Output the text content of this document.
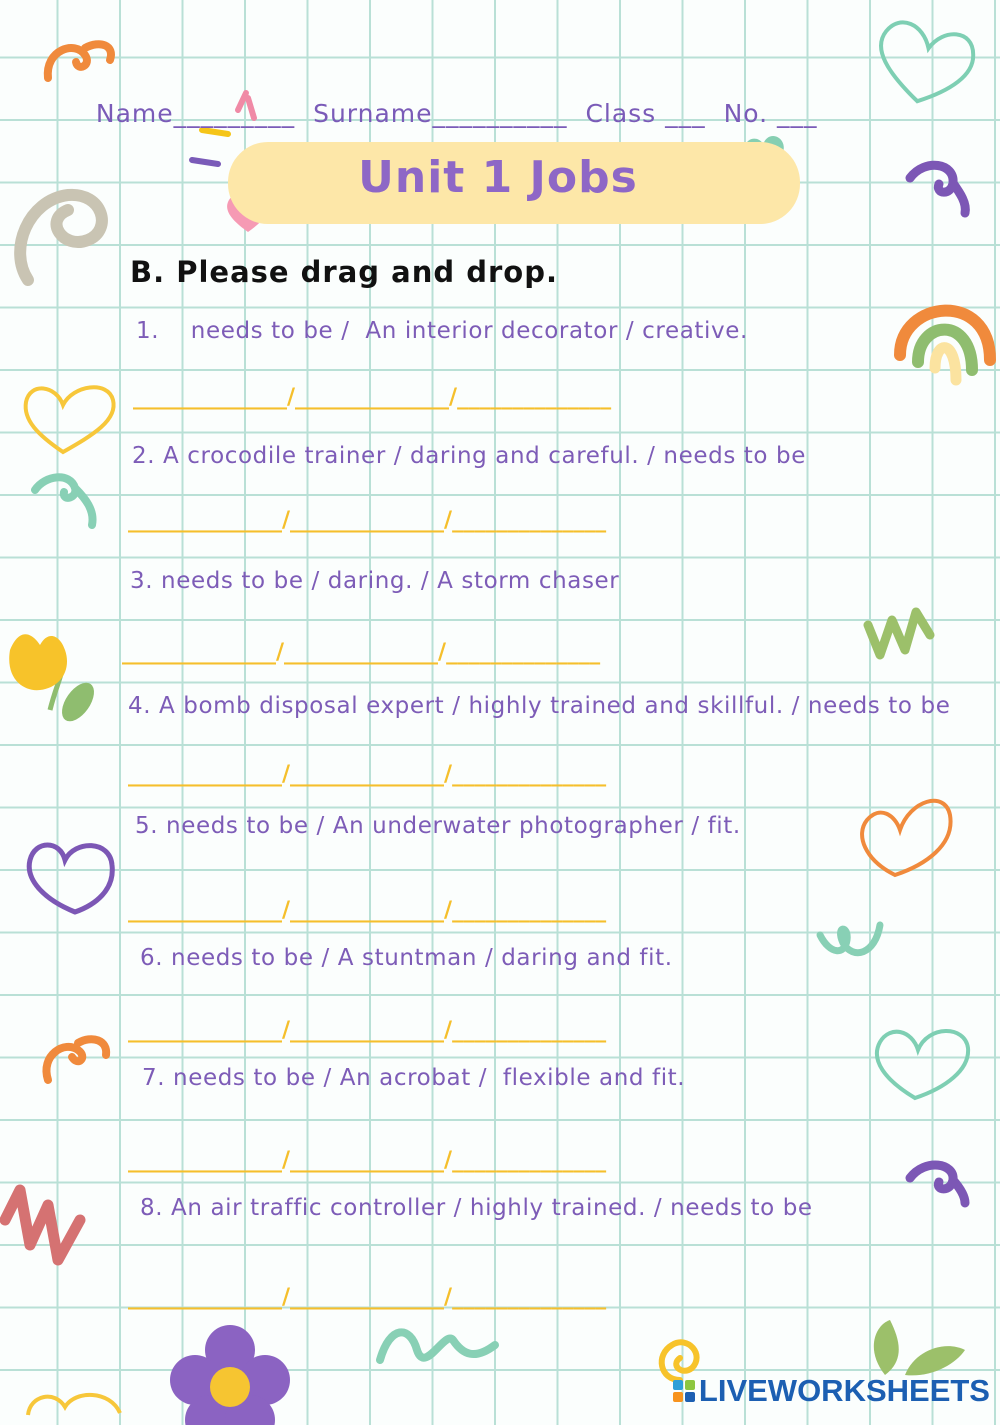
Name_________ Surname__________ Class ___ No. ___

Unit 1 Jobs
B. Please drag and drop.
1.    needs to be /  An interior decorator / creative.
______________/______________/______________
2. A crocodile trainer / daring and careful. / needs to be
______________/______________/______________
3. needs to be / daring. / A storm chaser
______________/______________/______________
4. A bomb disposal expert / highly trained and skillful. / needs to be
______________/______________/______________
5. needs to be / An underwater photographer / fit.
______________/______________/______________
6. needs to be / A stuntman / daring and fit.
______________/______________/______________
7. needs to be / An acrobat /  flexible and fit.
______________/______________/______________
8. An air traffic controller / highly trained. / needs to be
______________/______________/______________
LIVEWORKSHEETS
